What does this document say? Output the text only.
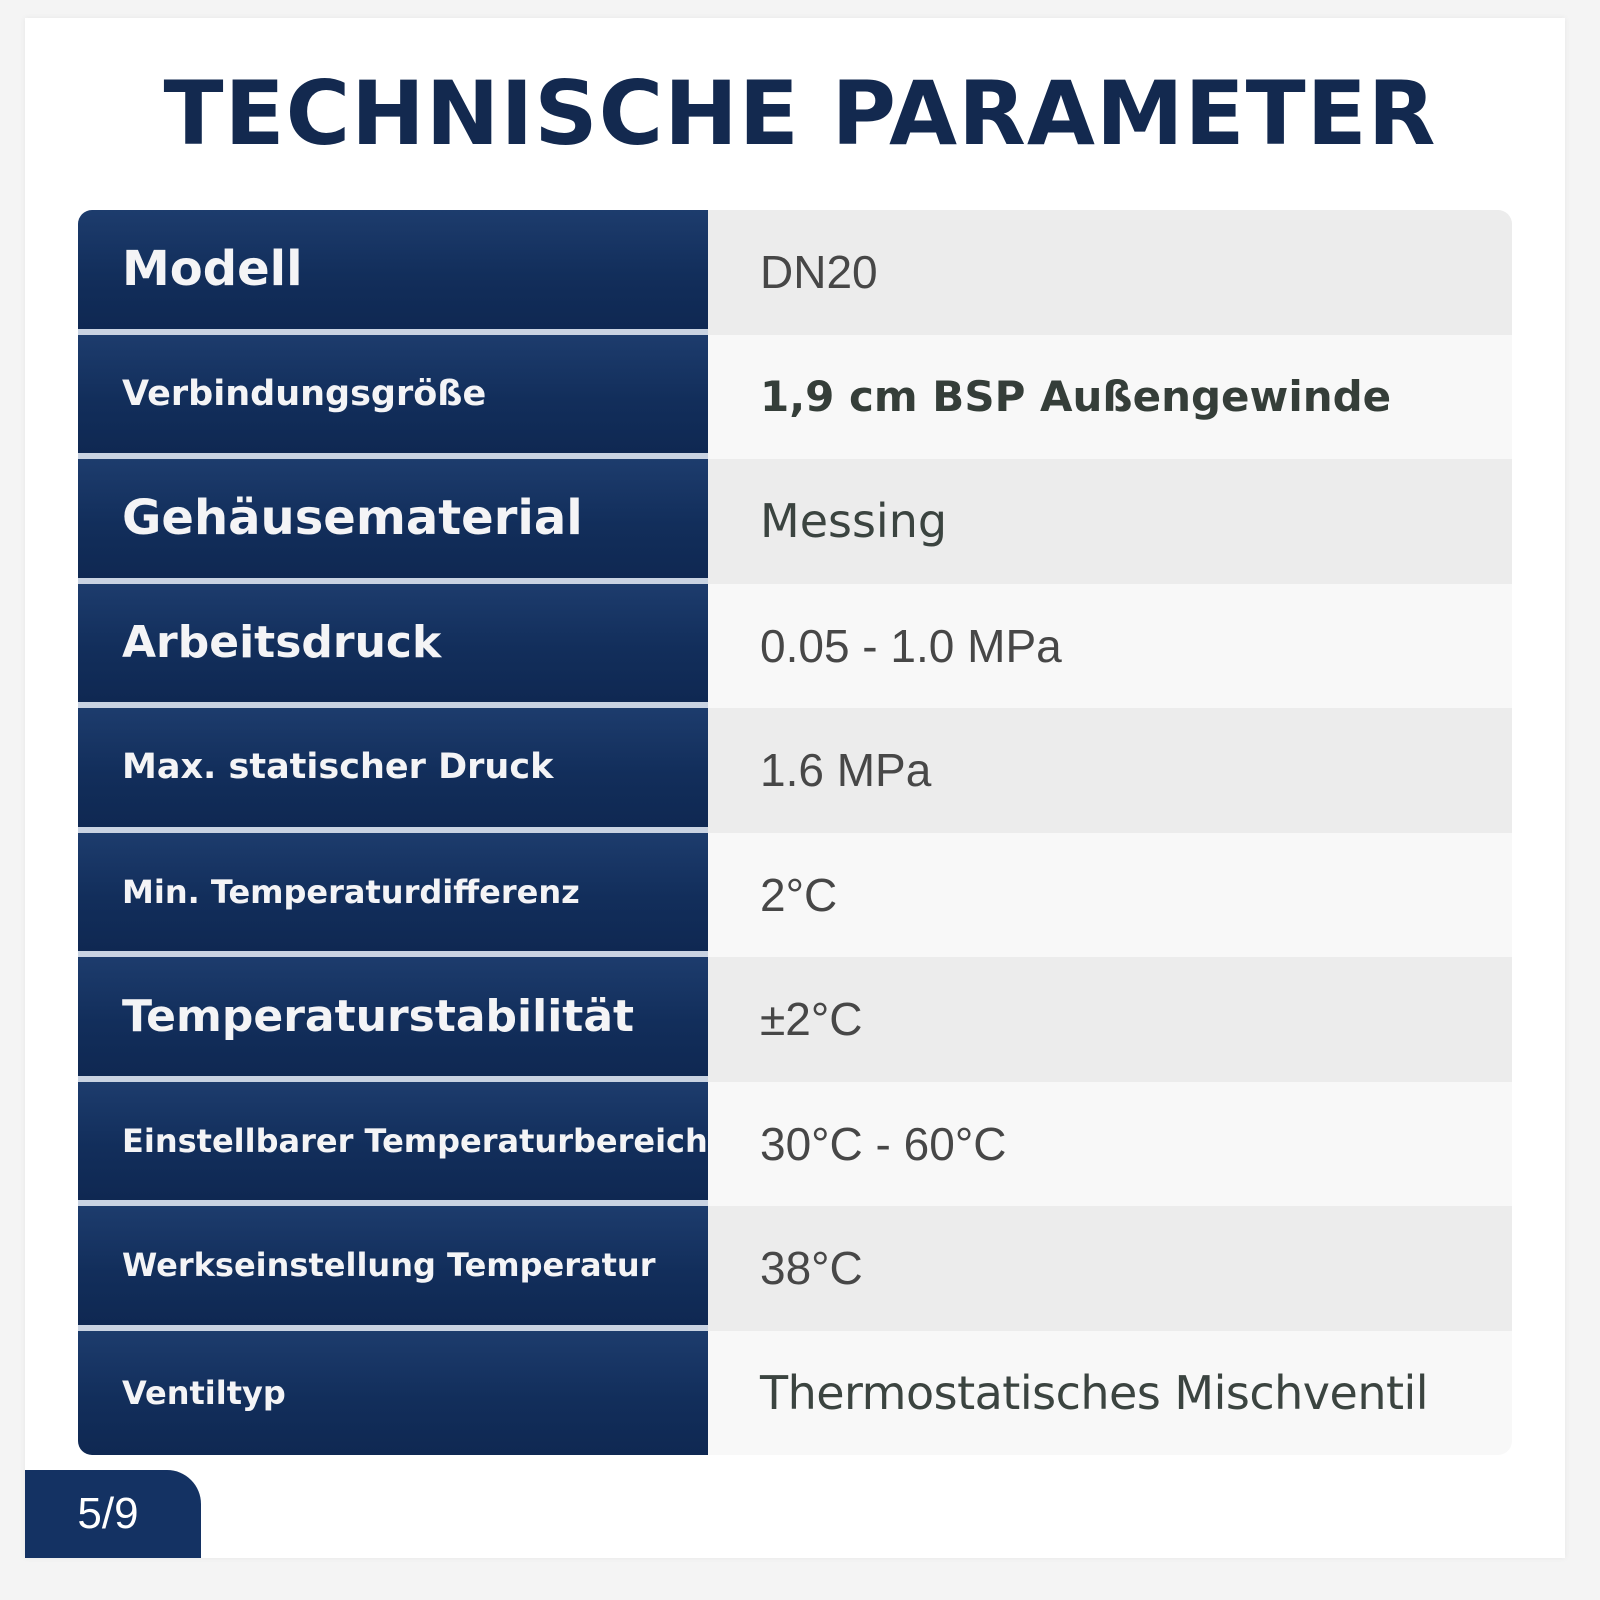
TECHNISCHE PARAMETER
Modell	DN20
Verbindungsgröße	1,9 cm BSP Außengewinde
Gehäusematerial	Messing
Arbeitsdruck	0.05 - 1.0 MPa
Max. statischer Druck	1.6 MPa
Min. Temperaturdifferenz	2°C
Temperaturstabilität	±2°C
Einstellbarer Temperaturbereich	30°C - 60°C
Werkseinstellung Temperatur	38°C
Ventiltyp	Thermostatisches Mischventil
5/9
